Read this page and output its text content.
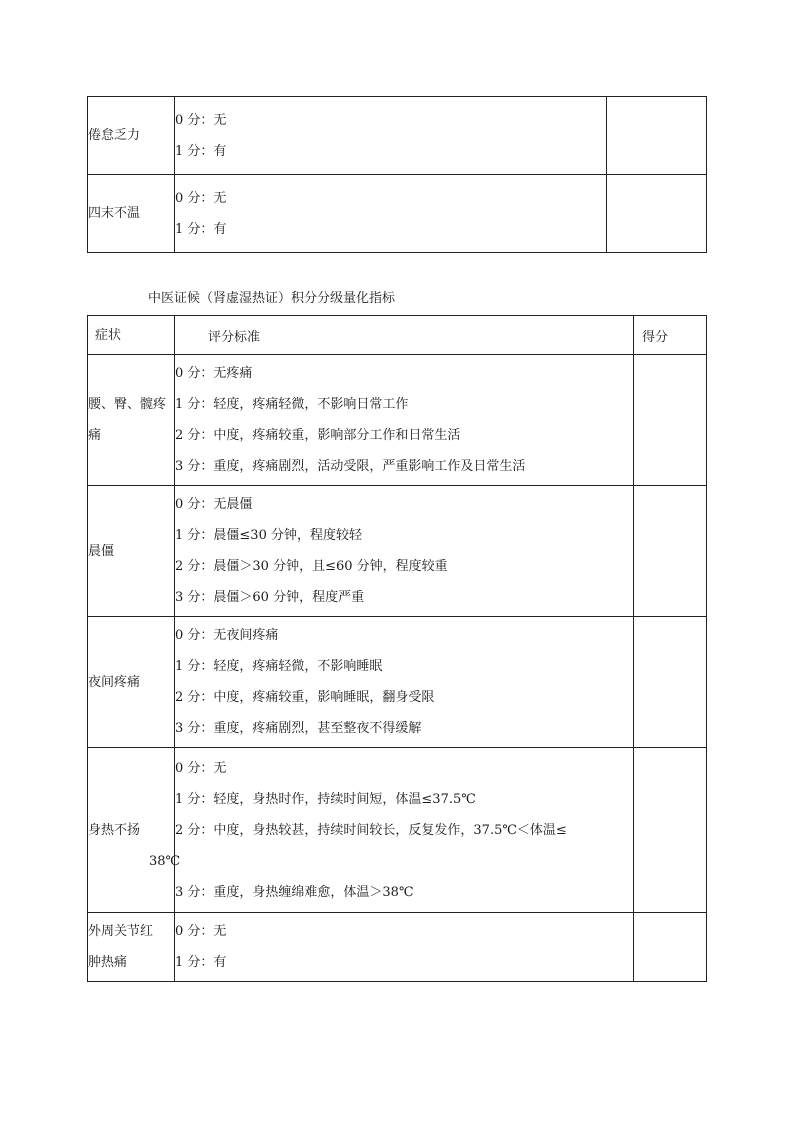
倦怠乏力	0 分：无
1 分：有	

四末不温	0 分：无
1 分：有	

中医证候（肾虚湿热证）积分分级量化指标
症状	评分标准	得分
腰、臀、髋疼痛	0 分：无疼痛
1 分：轻度，疼痛轻微，不影响日常工作
2 分：中度，疼痛较重，影响部分工作和日常生活
3 分：重度，疼痛剧烈，活动受限，严重影响工作及日常生活	

晨僵	0 分：无晨僵
1 分：晨僵≤30 分钟，程度较轻
2 分：晨僵＞30 分钟，且≤60 分钟，程度较重
3 分：晨僵＞60 分钟，程度严重	

夜间疼痛	0 分：无夜间疼痛
1 分：轻度，疼痛轻微，不影响睡眠
2 分：中度，疼痛较重，影响睡眠，翻身受限
3 分：重度，疼痛剧烈，甚至整夜不得缓解	

身热不扬	0 分：无
1 分：轻度，身热时作，持续时间短，体温≤37.5℃
2 分：中度，身热较甚，持续时间较长，反复发作，37.5℃＜体温≤
38℃
3 分：重度，身热缠绵难愈，体温＞38℃	

外周关节红肿热痛	0 分：无
1 分：有	
